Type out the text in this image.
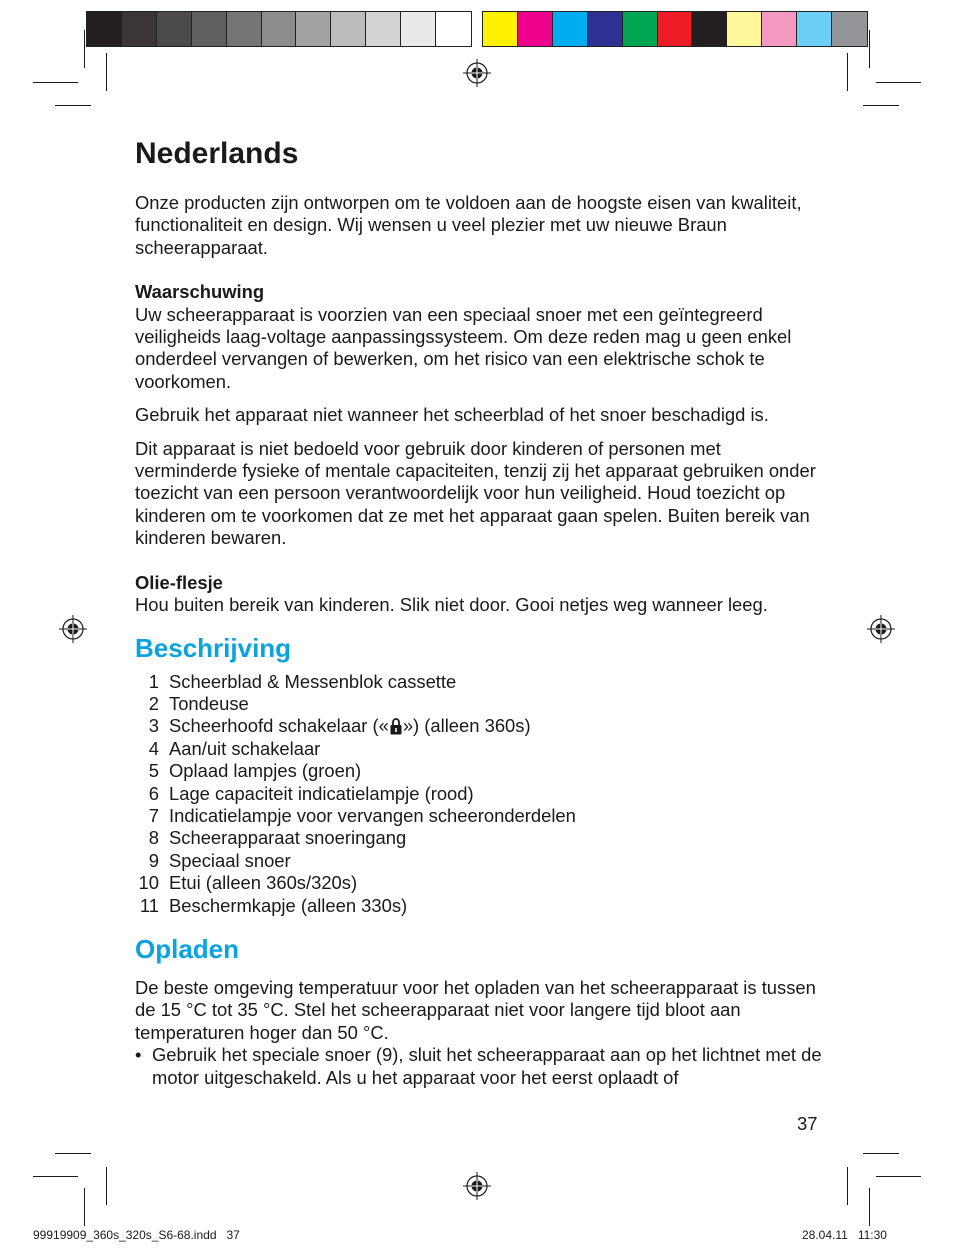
Nederlands

Onze producten zijn ontworpen om te voldoen aan de hoogste eisen van kwaliteit, functionaliteit en design. Wij wensen u veel plezier met uw nieuwe Braun scheerapparaat.

Waarschuwing

Uw scheerapparaat is voorzien van een speciaal snoer met een geïntegreerd veiligheids laag-voltage aanpassingssysteem. Om deze reden mag u geen enkel onderdeel vervangen of bewerken, om het risico van een elektrische schok te voorkomen.

Gebruik het apparaat niet wanneer het scheerblad of het snoer beschadigd is.

Dit apparaat is niet bedoeld voor gebruik door kinderen of personen met verminderde fysieke of mentale capaciteiten, tenzij zij het apparaat gebruiken onder toezicht van een persoon verantwoordelijk voor hun veiligheid. Houd toezicht op kinderen om te voorkomen dat ze met het apparaat gaan spelen. Buiten bereik van kinderen bewaren.

Olie-flesje

Hou buiten bereik van kinderen. Slik niet door. Gooi netjes weg wanneer leeg.

Beschrijving
1 Scheerblad & Messenblok cassette
2 Tondeuse
3 Scheerhoofd schakelaar (« ») (alleen 360s)
4 Aan/uit schakelaar
5 Oplaad lampjes (groen)
6 Lage capaciteit indicatielampje (rood)
7 Indicatielampje voor vervangen scheeronderdelen
8 Scheerapparaat snoeringang
9 Speciaal snoer
10 Etui (alleen 360s/320s)
11 Beschermkapje (alleen 330s)
Opladen

De beste omgeving temperatuur voor het opladen van het scheerapparaat is tussen de 15 °C tot 35 °C. Stel het scheerapparaat niet voor langere tijd bloot aan temperaturen hoger dan 50 °C.

• Gebruik het speciale snoer (9), sluit het scheerapparaat aan op het lichtnet met de motor uitgeschakeld. Als u het apparaat voor het eerst oplaadt of
37
99919909_360s_320s_S6-68.indd   37	28.04.11   11:30
